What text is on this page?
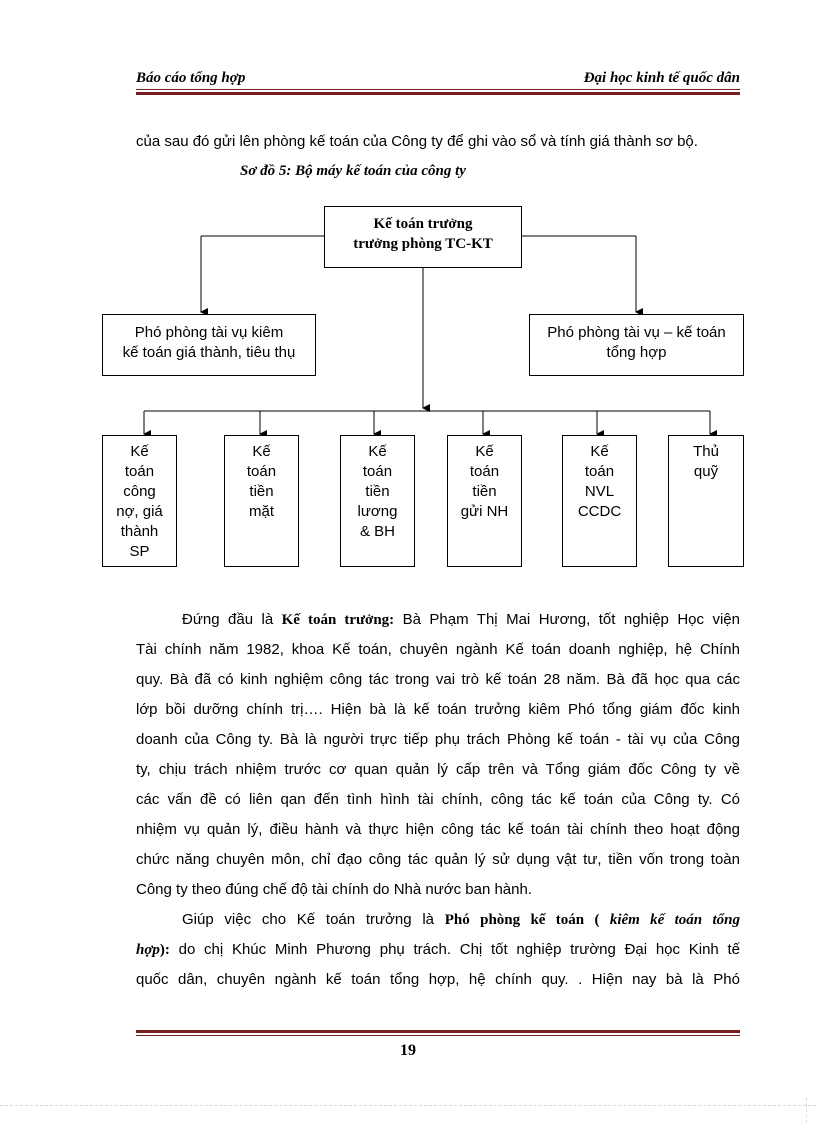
Báo cáo tổng hợp	Đại học kinh tế quốc dân
của sau đó gửi lên phòng kế toán của Công ty để ghi vào sổ và tính giá thành sơ bộ.
Sơ đồ 5: Bộ máy kế toán của công ty
Kế toán trưởng
trưởng phòng TC-KT
Phó phòng tài vụ kiêm
kế toán giá thành, tiêu thụ
Phó phòng tài vụ – kế toán
tổng hợp
Kế
toán
công
nợ, giá
thành
SP
Kế
toán
tiền
mặt
Kế
toán
tiền
lương
& BH
Kế
toán
tiền
gửi NH
Kế
toán
NVL
CCDC
Thủ
quỹ
Đứng đầu là Kế toán trưởng: Bà Phạm Thị Mai Hương, tốt nghiệp Học viện
Tài chính năm 1982, khoa Kế toán, chuyên ngành Kế toán doanh nghiệp, hệ Chính
quy. Bà đã có kinh nghiệm công tác trong vai trò kế toán 28 năm. Bà đã học qua các
lớp bồi dưỡng chính trị…. Hiện bà là kế toán trưởng kiêm Phó tổng giám đốc kinh
doanh của Công ty. Bà là người trực tiếp phụ trách Phòng kế toán - tài vụ của Công
ty, chịu trách nhiệm trước cơ quan quản lý cấp trên và Tổng giám đốc Công ty về
các vấn đề có liên qan đến tình hình tài chính, công tác kế toán của Công ty. Có
nhiệm vụ quản lý, điều hành và thực hiện công tác kế toán tài chính theo hoạt động
chức năng chuyên môn, chỉ đạo công tác quản lý sử dụng vật tư, tiền vốn trong toàn
Công ty theo đúng chế độ tài chính do Nhà nước ban hành.
Giúp việc cho Kế toán trưởng là Phó phòng kế toán ( kiêm kế toán tổng
hợp): do chị Khúc Minh Phương phụ trách. Chị tốt nghiệp trường Đại học Kinh tế
quốc dân, chuyên ngành kế toán tổng hợp, hệ chính quy. . Hiện nay bà là Phó
19
